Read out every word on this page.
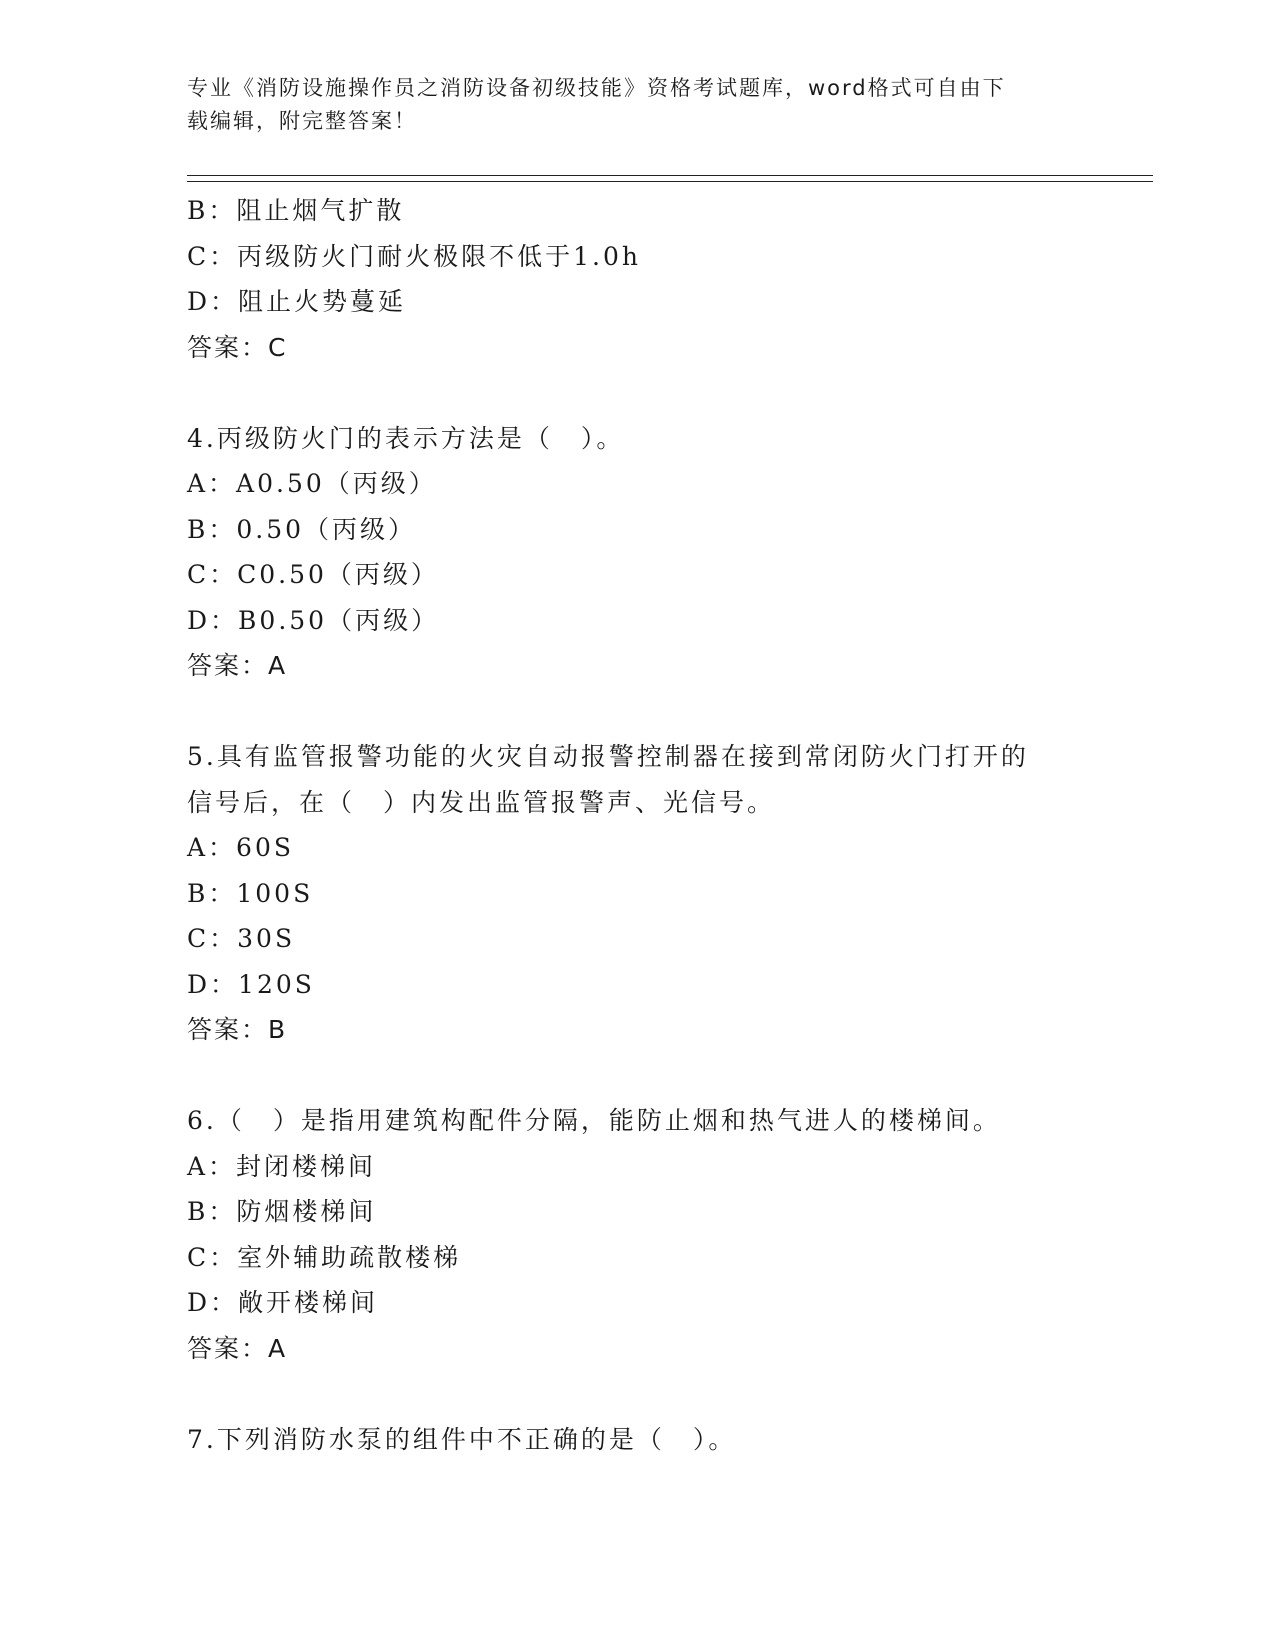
专业《消防设施操作员之消防设备初级技能》资格考试题库，word格式可自由下
载编辑，附完整答案！
B：阻止烟气扩散
C：丙级防火门耐火极限不低于1.0h
D：阻止火势蔓延
答案：C
4.丙级防火门的表示方法是（　）。
A：A0.50（丙级）
B：0.50（丙级）
C：C0.50（丙级）
D：B0.50（丙级）
答案：A
5.具有监管报警功能的火灾自动报警控制器在接到常闭防火门打开的
信号后，在（　）内发出监管报警声、光信号。
A：60S
B：100S
C：30S
D：120S
答案：B
6.（　）是指用建筑构配件分隔，能防止烟和热气进人的楼梯间。
A：封闭楼梯间
B：防烟楼梯间
C：室外辅助疏散楼梯
D：敞开楼梯间
答案：A
7.下列消防水泵的组件中不正确的是（　）。
